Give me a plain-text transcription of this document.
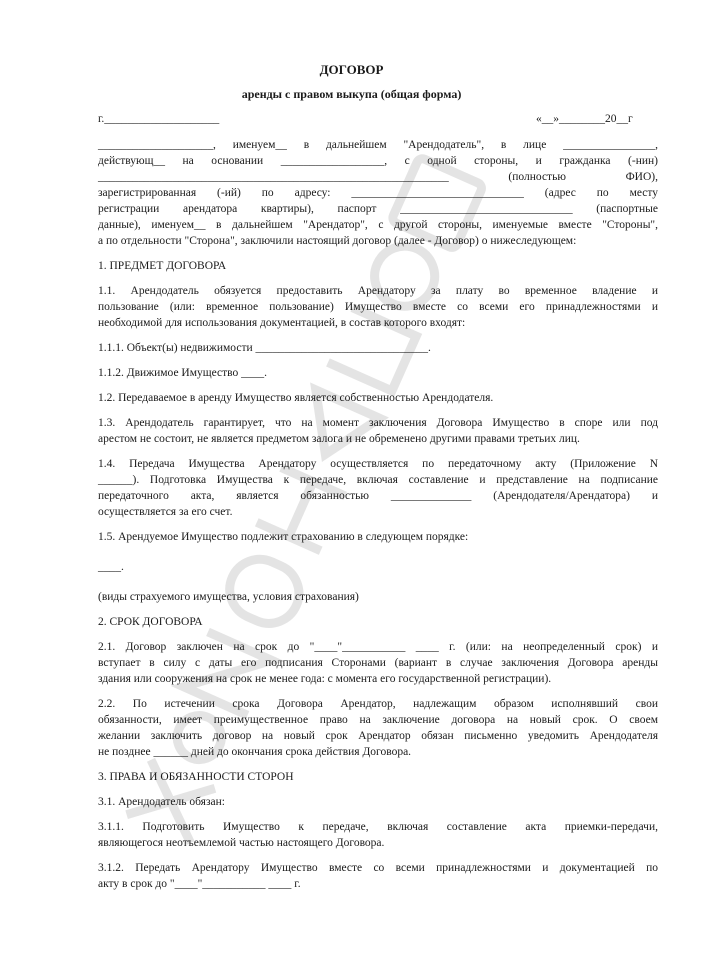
ДОГОВОР
аренды с правом выкупа (общая форма)
г.____________________	«__»________20__г

____________________, именуем__ в дальнейшем "Арендодатель", в лице ________________,
действующ__ на основании __________________, с одной стороны, и гражданка (-нин)
_____________________________________________________________ (полностью ФИО),
зарегистрированная (-ий) по адресу: ______________________________ (адрес по месту
регистрации арендатора квартиры), паспорт ______________________________ (паспортные
данные), именуем__ в дальнейшем "Арендатор", с другой стороны, именуемые вместе "Стороны",
а по отдельности "Сторона", заключили настоящий договор (далее - Договор) о нижеследующем:

1. ПРЕДМЕТ ДОГОВОРА

1.1. Арендодатель обязуется предоставить Арендатору за плату во временное владение и
пользование (или: временное пользование) Имущество вместе со всеми его принадлежностями и
необходимой для использования документацией, в состав которого входят:

1.1.1. Объект(ы) недвижимости ______________________________.

1.1.2. Движимое Имущество ____.

1.2. Передаваемое в аренду Имущество является собственностью Арендодателя.

1.3. Арендодатель гарантирует, что на момент заключения Договора Имущество в споре или под
арестом не состоит, не является предметом залога и не обременено другими правами третьих лиц.

1.4. Передача Имущества Арендатору осуществляется по передаточному акту (Приложение N
______). Подготовка Имущества к передаче, включая составление и представление на подписание
передаточного акта, является обязанностью ______________ (Арендодателя/Арендатора) и
осуществляется за его счет.

1.5. Арендуемое Имущество подлежит страхованию в следующем порядке:

____.

(виды страхуемого имущества, условия страхования)

2. СРОК ДОГОВОРА

2.1. Договор заключен на срок до "____"___________ ____ г. (или: на неопределенный срок) и
вступает в силу с даты его подписания Сторонами (вариант в случае заключения Договора аренды
здания или сооружения на срок не менее года: с момента его государственной регистрации).

2.2. По истечении срока Договора Арендатор, надлежащим образом исполнявший свои
обязанности, имеет преимущественное право на заключение договора на новый срок. О своем
желании заключить договор на новый срок Арендатор обязан письменно уведомить Арендодателя
не позднее ______ дней до окончания срока действия Договора.

3. ПРАВА И ОБЯЗАННОСТИ СТОРОН

3.1. Арендодатель обязан:

3.1.1. Подготовить Имущество к передаче, включая составление акта приемки-передачи,
являющегося неотъемлемой частью настоящего Договора.

3.1.2. Передать Арендатору Имущество вместе со всеми принадлежностями и документацией по
акту в срок до "____"___________ ____ г.
